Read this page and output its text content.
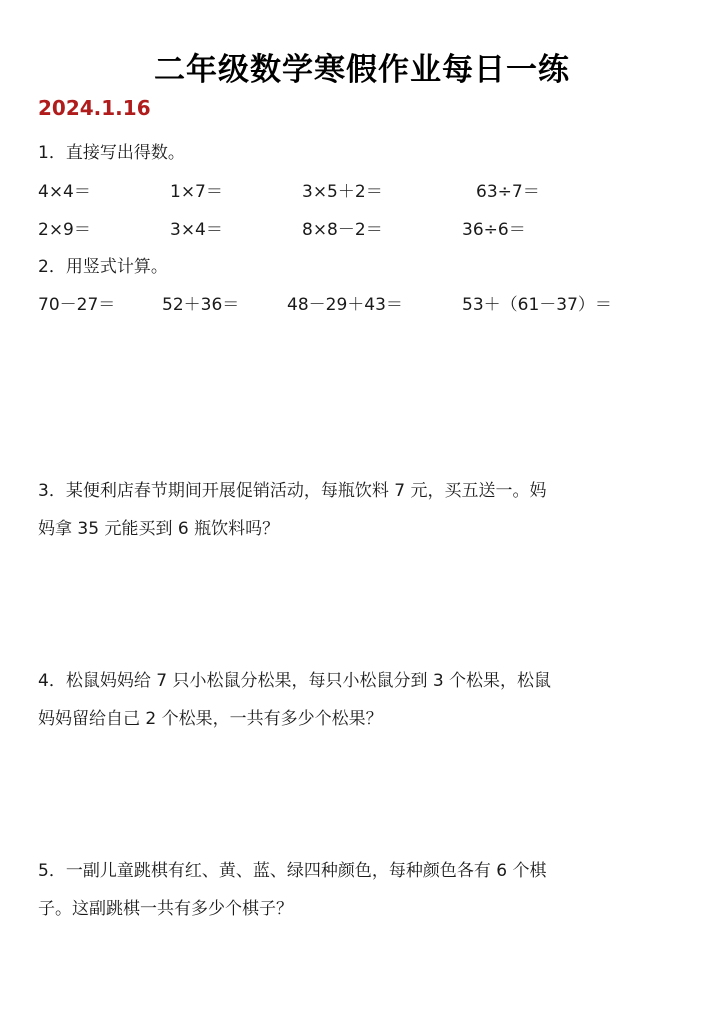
二年级数学寒假作业每日一练
2024.1.16
1．直接写出得数。
4×4＝	1×7＝	3×5＋2＝	63÷7＝
2×9＝	3×4＝	8×8－2＝	36÷6＝
2．用竖式计算。
70－27＝	52＋36＝	48－29＋43＝	53＋（61－37）＝
3．某便利店春节期间开展促销活动，每瓶饮料 7 元，买五送一。妈
妈拿 35 元能买到 6 瓶饮料吗？
4．松鼠妈妈给 7 只小松鼠分松果，每只小松鼠分到 3 个松果，松鼠
妈妈留给自己 2 个松果，一共有多少个松果？
5．一副儿童跳棋有红、黄、蓝、绿四种颜色，每种颜色各有 6 个棋
子。这副跳棋一共有多少个棋子？
